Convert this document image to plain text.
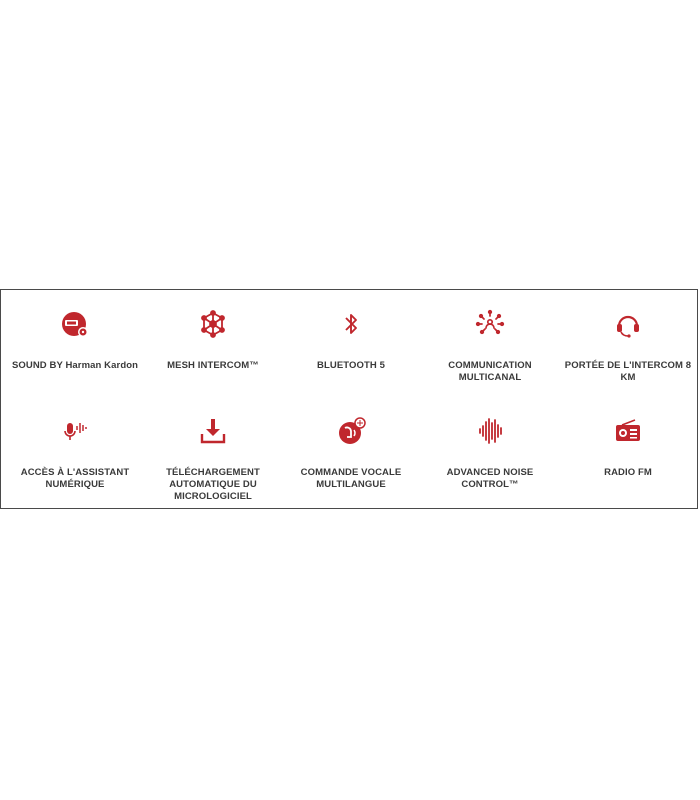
SOUND BY Harman Kardon	MESH INTERCOM™	BLUETOOTH 5	COMMUNICATION MULTICANAL
PORTÉE DE L'INTERCOM 8 KM
ACCÈS À L'ASSISTANT NUMÉRIQUE
TÉLÉCHARGEMENT AUTOMATIQUE DU MICROLOGICIEL
COMMANDE VOCALE MULTILANGUE
ADVANCED NOISE CONTROL™
RADIO FM
